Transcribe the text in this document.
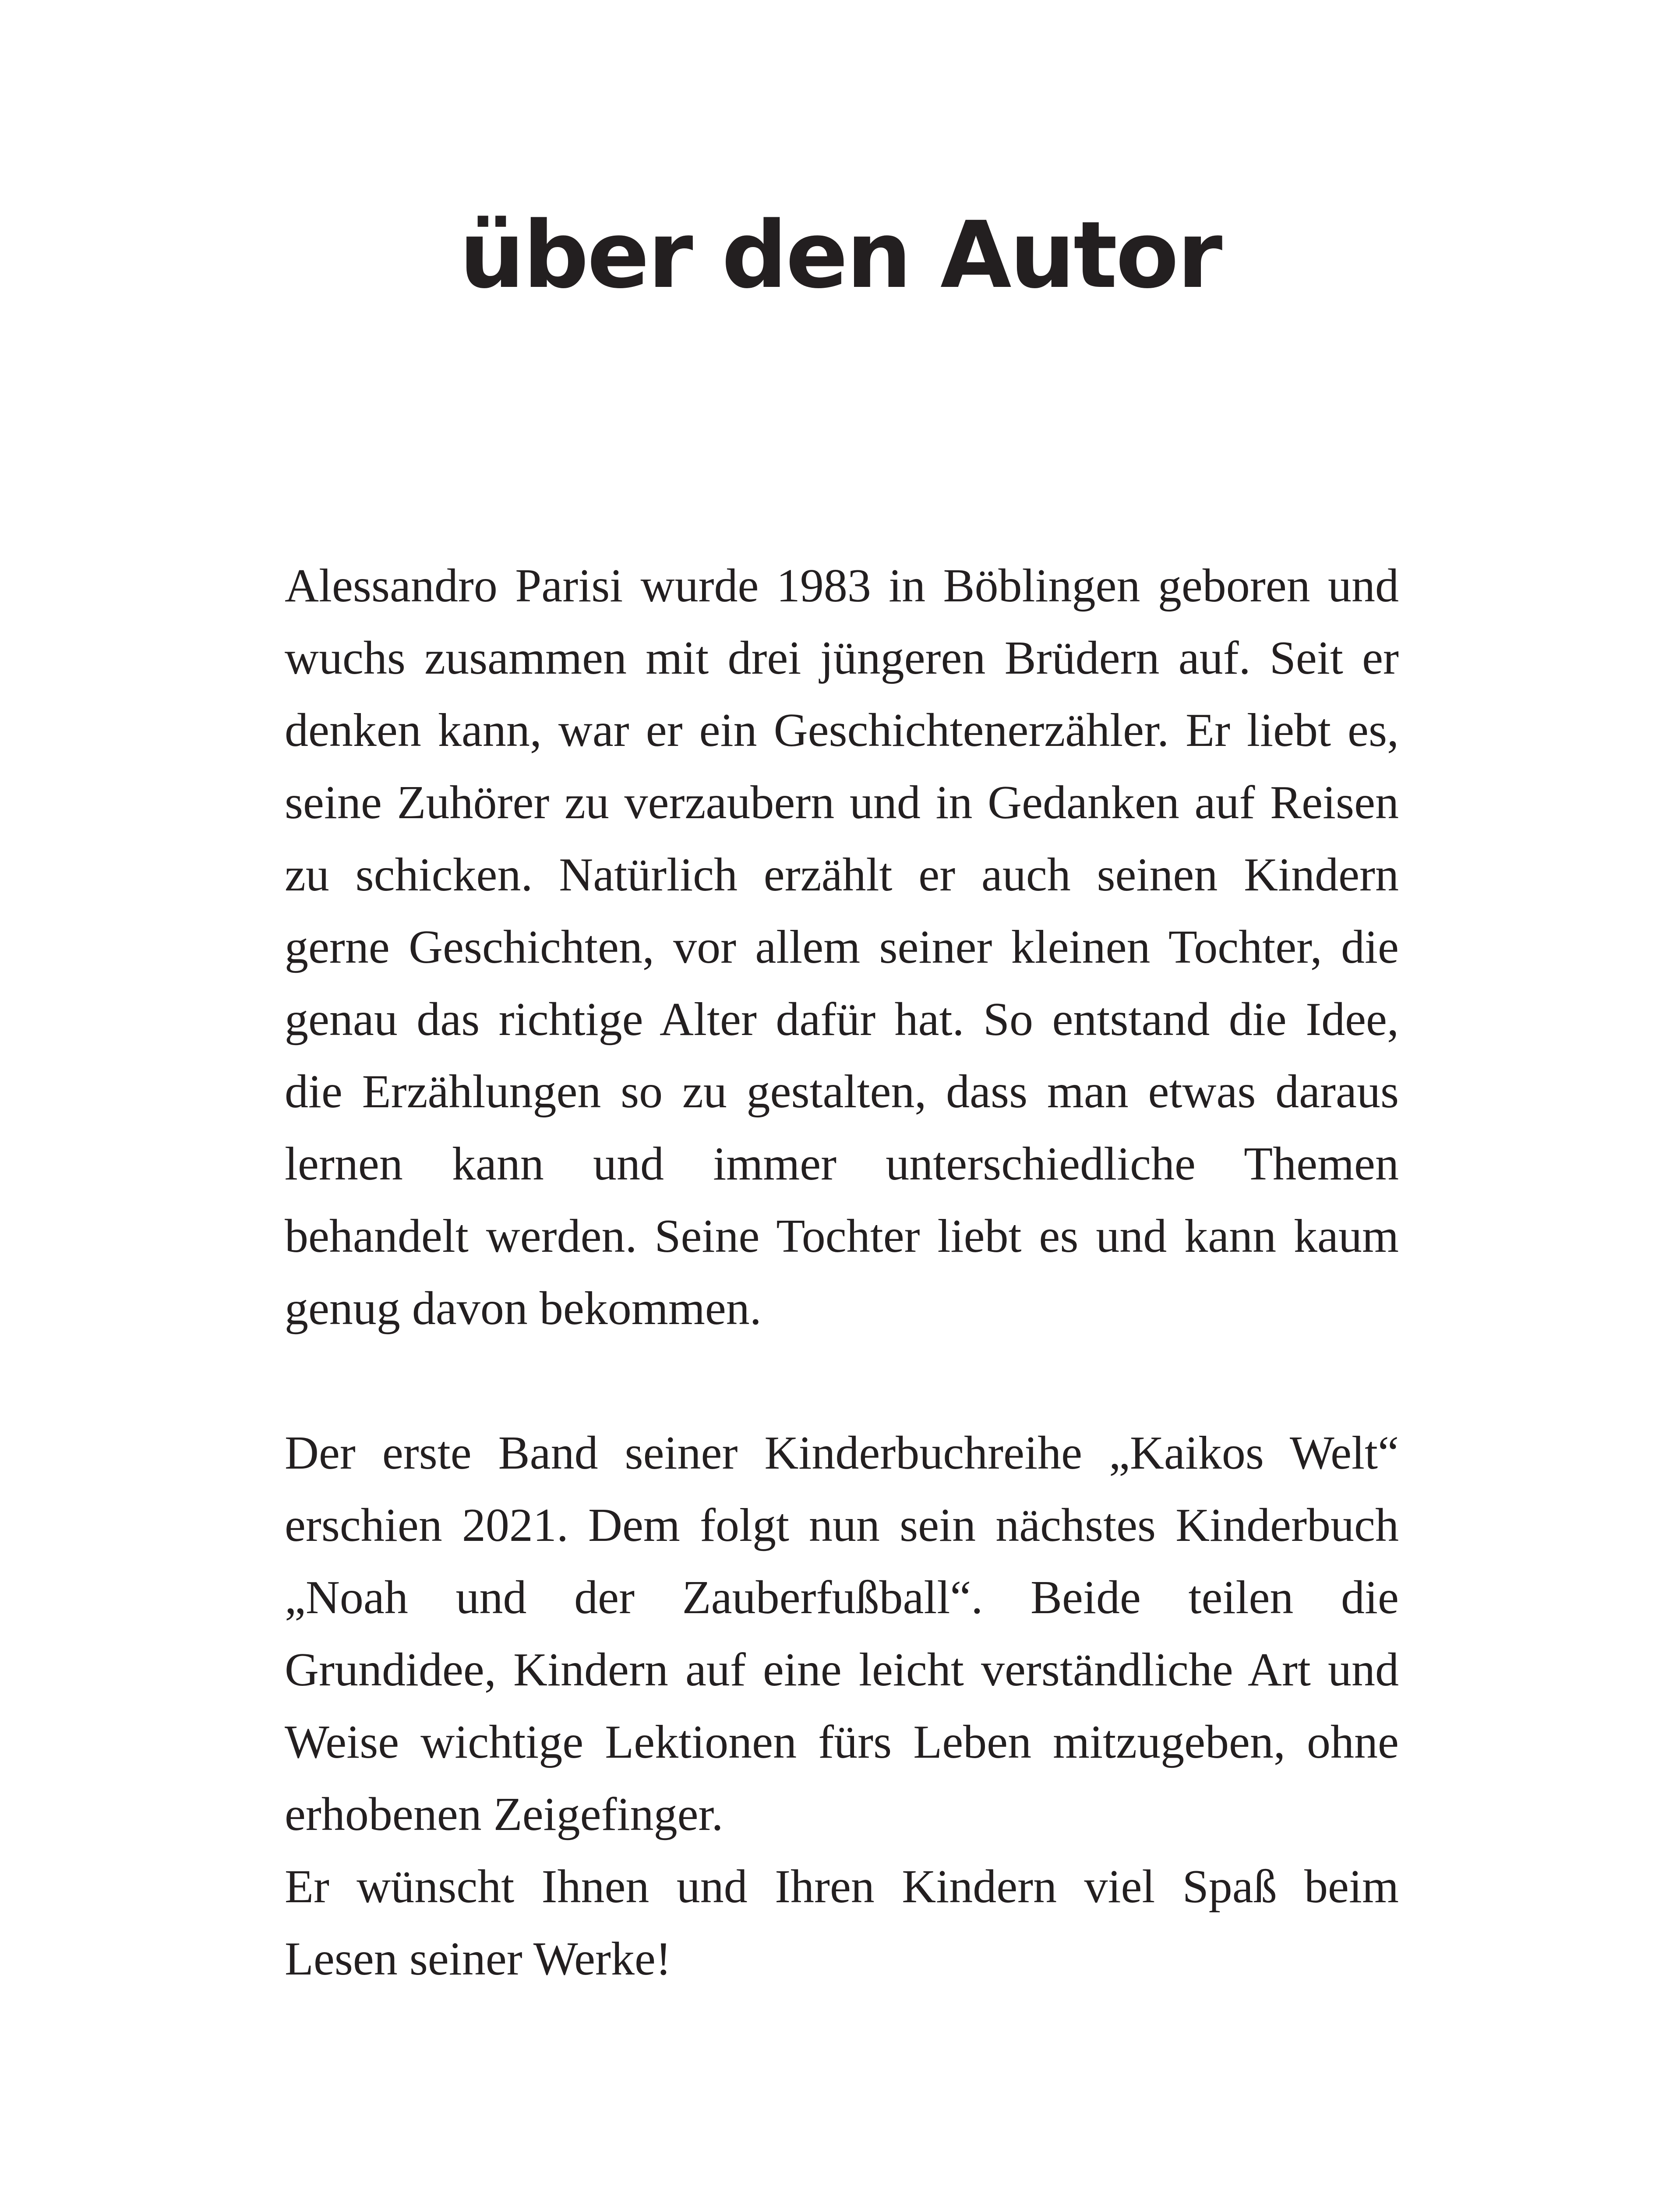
über den Autor

Alessandro Parisi wurde 1983 in Böblingen geboren und wuchs zusammen mit drei jüngeren Brüdern auf. Seit er denken kann, war er ein Geschichtenerzähler. Er liebt es, seine Zuhörer zu verzaubern und in Gedanken auf Reisen zu schicken. Natürlich erzählt er auch seinen Kindern gerne Geschichten, vor allem seiner kleinen Tochter, die genau das richtige Alter dafür hat. So entstand die Idee, die Erzählungen so zu gestalten, dass man etwas daraus lernen kann und immer unterschiedliche Themen behandelt werden. Seine Tochter liebt es und kann kaum genug davon bekommen.

Der erste Band seiner Kinderbuchreihe „Kaikos Welt“ erschien 2021. Dem folgt nun sein nächstes Kinderbuch „Noah und der Zauberfußball“. Beide teilen die Grundidee, Kindern auf eine leicht verständliche Art und Weise wichtige Lektionen fürs Leben mitzugeben, ohne erhobenen Zeigefinger.

Er wünscht Ihnen und Ihren Kindern viel Spaß beim Lesen seiner Werke!
